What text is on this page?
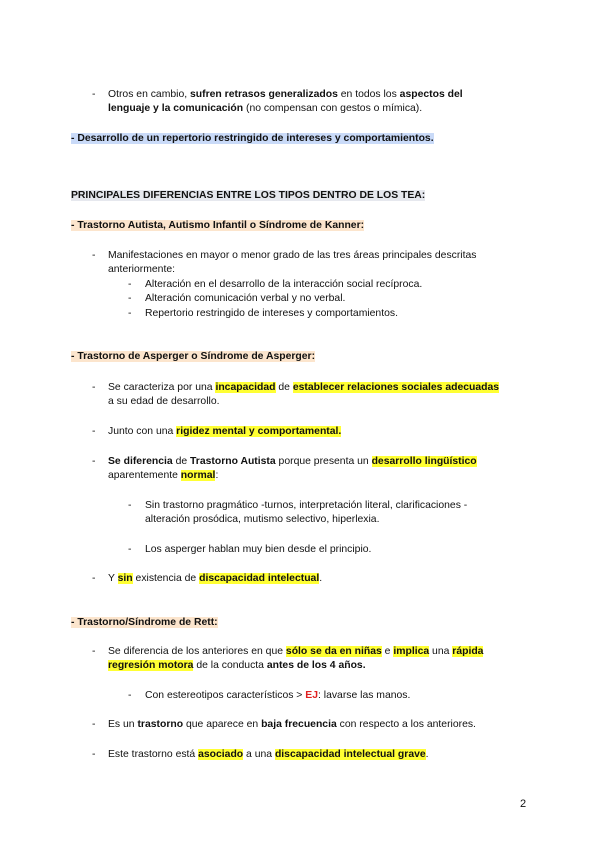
-	Otros en cambio, sufren retrasos generalizados en todos los aspectos del
lenguaje y la comunicación (no compensan con gestos o mímica).
- Desarrollo de un repertorio restringido de intereses y comportamientos.
PRINCIPALES DIFERENCIAS ENTRE LOS TIPOS DENTRO DE LOS TEA:
- Trastorno Autista, Autismo Infantil o Síndrome de Kanner:
-	Manifestaciones en mayor o menor grado de las tres áreas principales descritas
anteriormente:
-	Alteración en el desarrollo de la interacción social recíproca.
-	Alteración comunicación verbal y no verbal.
-	Repertorio restringido de intereses y comportamientos.
- Trastorno de Asperger o Síndrome de Asperger:
-	Se caracteriza por una incapacidad de establecer relaciones sociales adecuadas
a su edad de desarrollo.
-	Junto con una rigidez mental y comportamental.
-	Se diferencia de Trastorno Autista porque presenta un desarrollo lingüístico
aparentemente normal:
-	Sin trastorno pragmático -turnos, interpretación literal, clarificaciones -
alteración prosódica, mutismo selectivo, hiperlexia.
-	Los asperger hablan muy bien desde el principio.
-	Y sin existencia de discapacidad intelectual.
- Trastorno/Síndrome de Rett:
-	Se diferencia de los anteriores en que sólo se da en niñas e implica una rápida
regresión motora de la conducta antes de los 4 años.
-	Con estereotipos característicos > EJ: lavarse las manos.
-	Es un trastorno que aparece en baja frecuencia con respecto a los anteriores.
-	Este trastorno está asociado a una discapacidad intelectual grave.
2
